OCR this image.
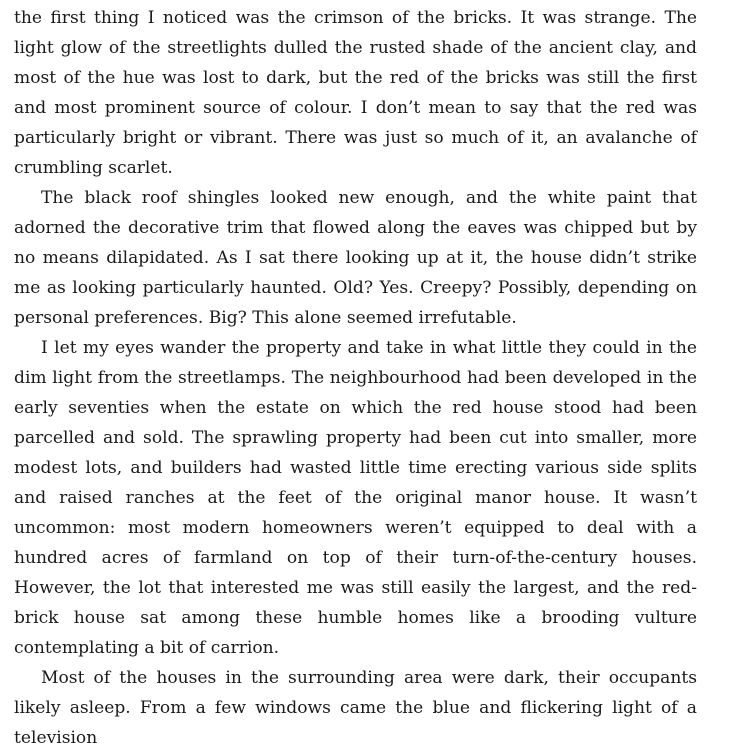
the first thing I noticed was the crimson of the bricks. It was strange. The light glow of the streetlights dulled the rusted shade of the ancient clay, and most of the hue was lost to dark, but the red of the bricks was still the first and most prominent source of colour. I don’t mean to say that the red was particularly bright or vibrant. There was just so much of it, an avalanche of crumbling scarlet.

The black roof shingles looked new enough, and the white paint that adorned the decorative trim that flowed along the eaves was chipped but by no means dilapidated. As I sat there looking up at it, the house didn’t strike me as looking particularly haunted. Old? Yes. Creepy? Possibly, depending on personal preferences. Big? This alone seemed irrefutable.

I let my eyes wander the property and take in what little they could in the dim light from the streetlamps. The neighbourhood had been developed in the early seventies when the estate on which the red house stood had been parcelled and sold. The sprawling property had been cut into smaller, more modest lots, and builders had wasted little time erecting various side splits and raised ranches at the feet of the original manor house. It wasn’t uncommon: most modern homeowners weren’t equipped to deal with a hundred acres of farmland on top of their turn-of-the-century houses. However, the lot that interested me was still easily the largest, and the red-brick house sat among these humble homes like a brooding vulture contemplating a bit of carrion.

Most of the houses in the surrounding area were dark, their occupants likely asleep. From a few windows came the blue and flickering light of a television
